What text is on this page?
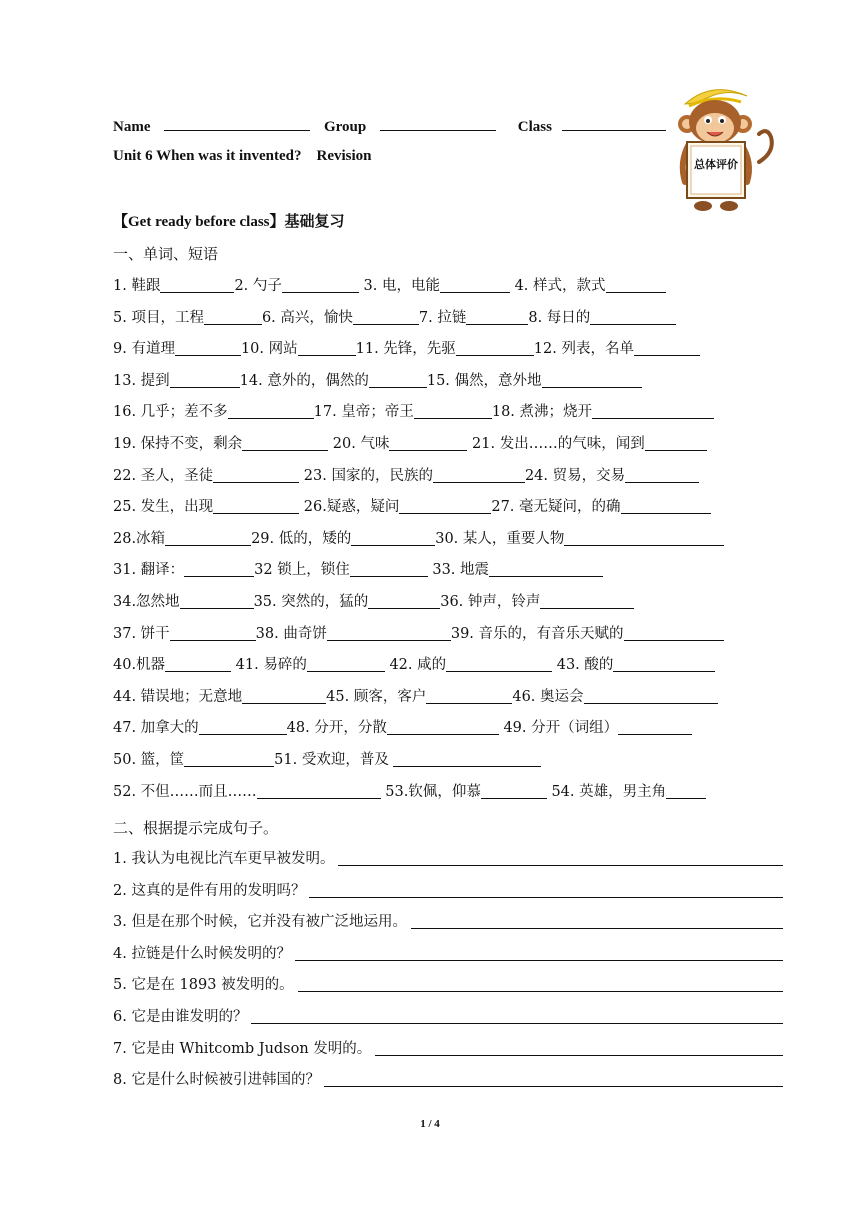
Name	Group	Class
Unit 6 When was it invented?    Revision
总体评价
【Get ready before class】基础复习
一、单词、短语
1. 鞋跟	2. 勺子	3. 电，电能	4. 样式，款式
5. 项目，工程	6. 高兴，愉快	7. 拉链	8. 每日的
9. 有道理	10. 网站	11. 先锋，先驱	12. 列表，名单
13. 提到	14. 意外的，偶然的	15. 偶然，意外地
16. 几乎；差不多	17. 皇帝；帝王	18. 煮沸；烧开
19. 保持不变，剩余	20. 气味	21. 发出……的气味，闻到
22. 圣人，圣徒	23. 国家的，民族的	24. 贸易，交易
25. 发生，出现	26.疑惑，疑问	27. 毫无疑问，的确
28.冰箱	29. 低的，矮的	30. 某人，重要人物
31. 翻译：	32 锁上，锁住	33. 地震
34.忽然地	35. 突然的，猛的	36. 钟声，铃声
37. 饼干	38. 曲奇饼	39. 音乐的，有音乐天赋的
40.机器	41. 易碎的	42. 咸的	43. 酸的
44. 错误地；无意地	45. 顾客，客户	46. 奥运会
47. 加拿大的	48. 分开，分散	49. 分开（词组）
50. 篮，筐	51. 受欢迎，普及
52. 不但……而且……	53.钦佩，仰慕	54. 英雄，男主角
二、根据提示完成句子。
1. 我认为电视比汽车更早被发明。
2. 这真的是件有用的发明吗？
3. 但是在那个时候，它并没有被广泛地运用。
4. 拉链是什么时候发明的？
5. 它是在 1893 被发明的。
6. 它是由谁发明的？
7. 它是由 Whitcomb Judson 发明的。
8. 它是什么时候被引进韩国的？
1 / 4
